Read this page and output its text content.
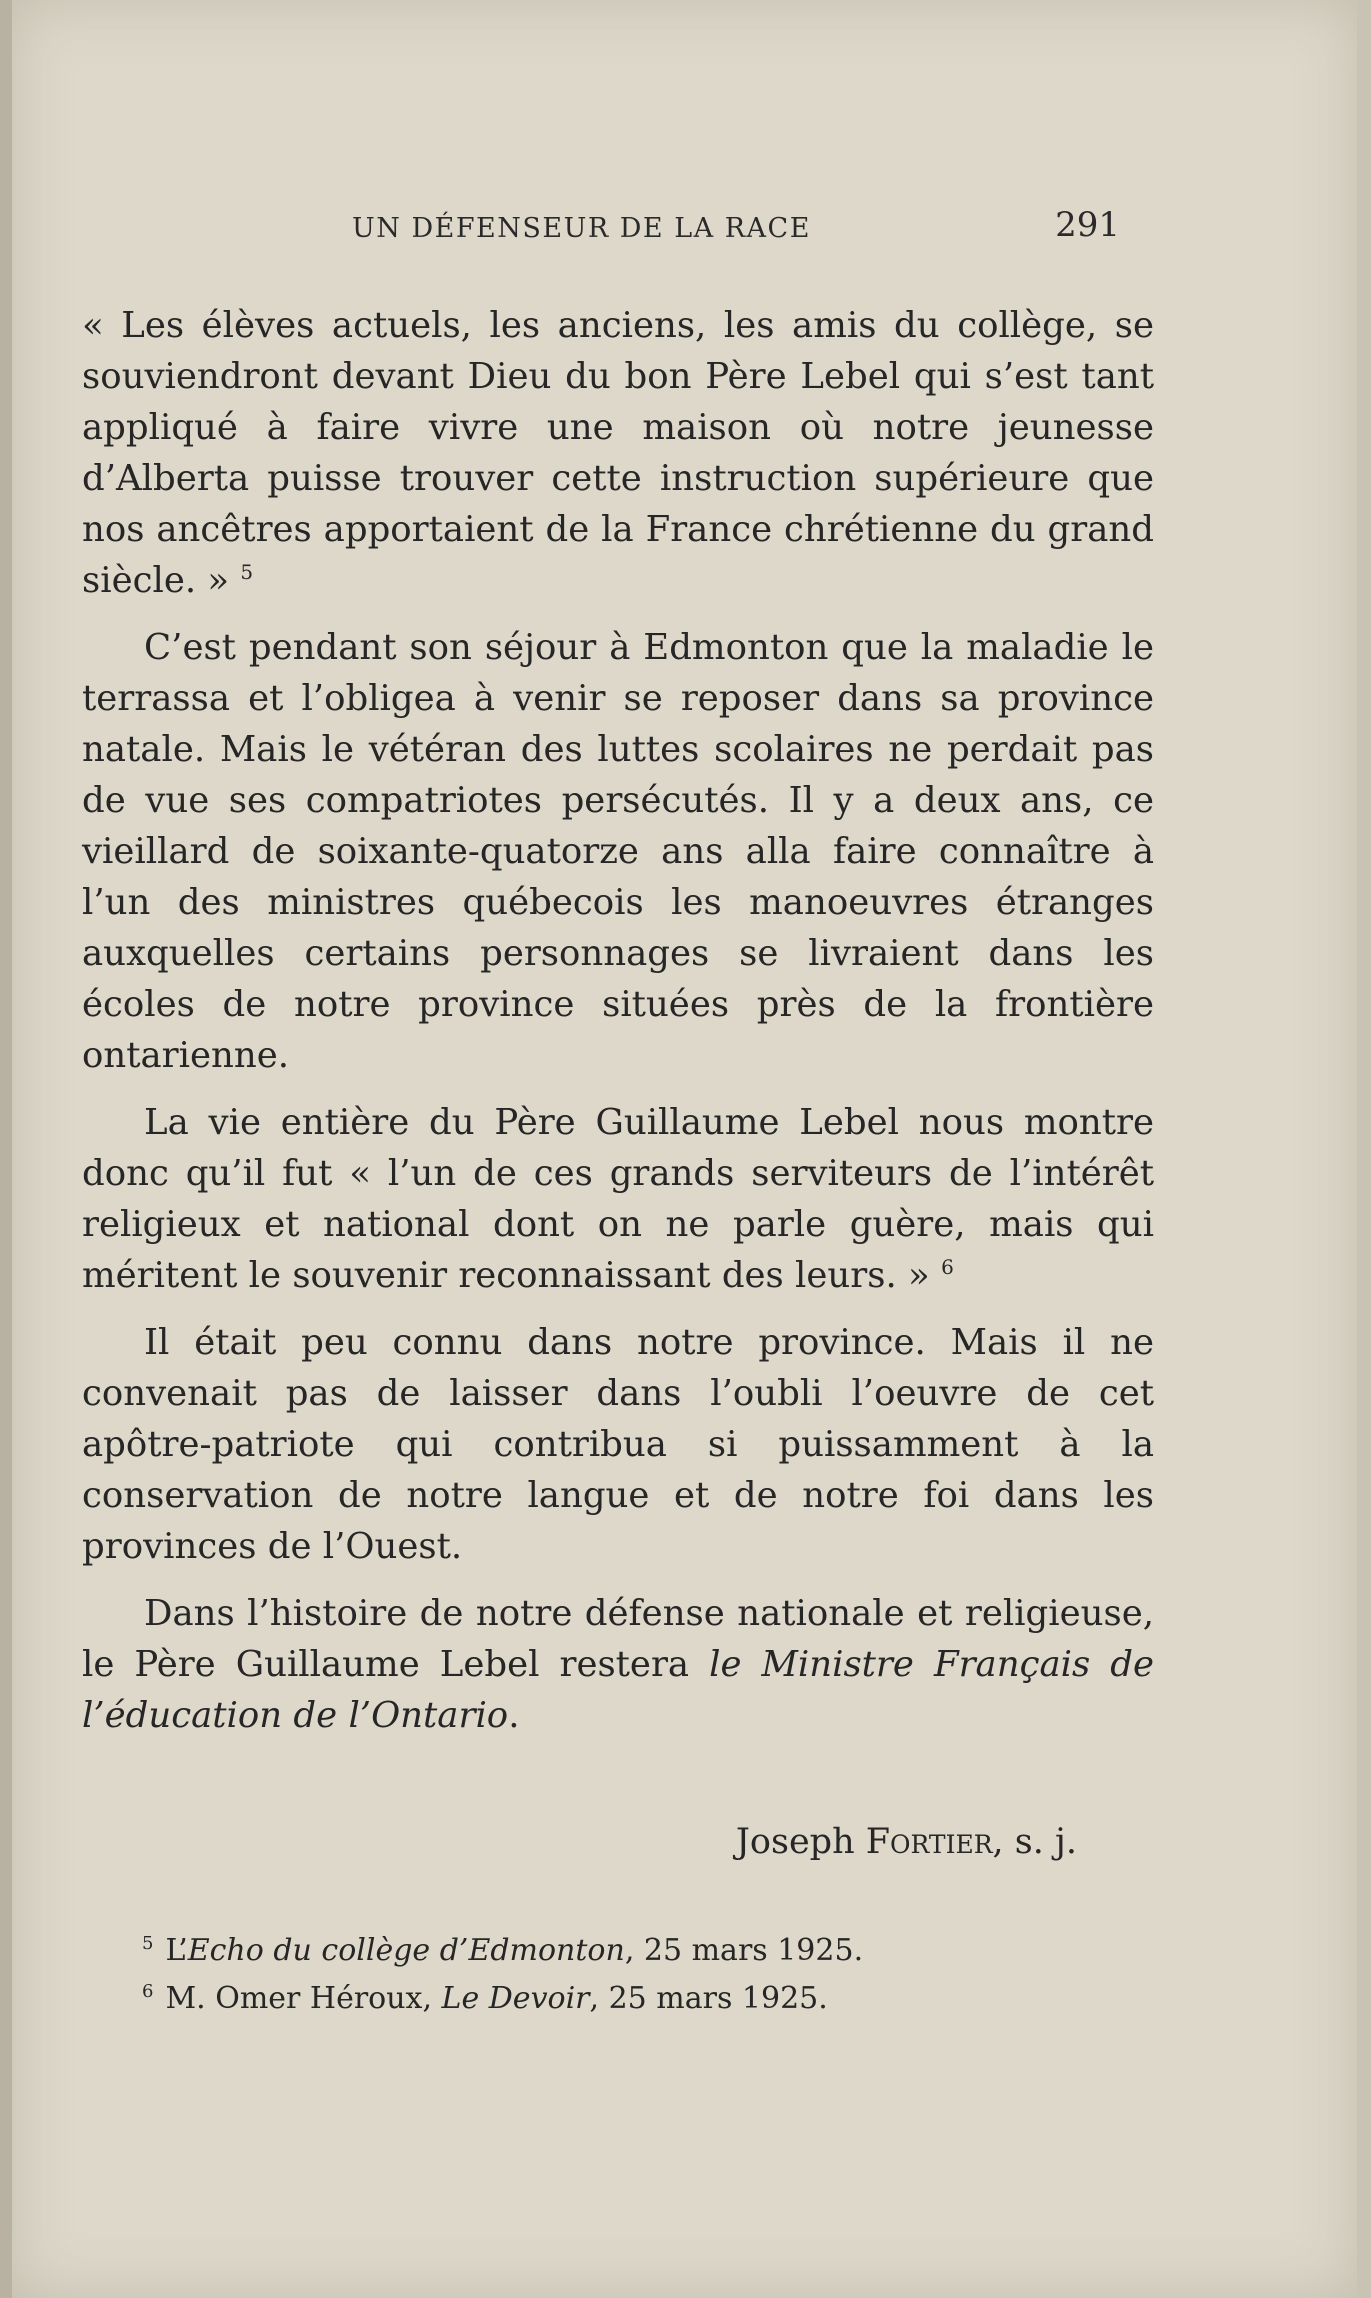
UN DÉFENSEUR DE LA RACE	291

« Les élèves actuels, les anciens, les amis du collège, se souviendront devant Dieu du bon Père Lebel qui s’est tant appliqué à faire vivre une maison où notre jeunesse d’Alberta puisse trouver cette instruction supérieure que nos ancêtres apportaient de la France chrétienne du grand siècle. » $^5$

C’est pendant son séjour à Edmonton que la maladie le terrassa et l’obligea à venir se reposer dans sa province natale. Mais le vétéran des luttes scolaires ne perdait pas de vue ses compatriotes persécutés. Il y a deux ans, ce vieillard de soixante-quatorze ans alla faire connaître à l’un des ministres québecois les manoeuvres étranges auxquelles certains personnages se livraient dans les écoles de notre province situées près de la frontière ontarienne.

La vie entière du Père Guillaume Lebel nous montre donc qu’il fut « l’un de ces grands serviteurs de l’intérêt religieux et national dont on ne parle guère, mais qui méritent le souvenir reconnaissant des leurs. » $^6$

Il était peu connu dans notre province. Mais il ne convenait pas de laisser dans l’oubli l’oeuvre de cet apôtre-patriote qui contribua si puissamment à la conservation de notre langue et de notre foi dans les provinces de l’Ouest.

Dans l’histoire de notre défense nationale et religieuse, le Père Guillaume Lebel restera le Ministre Français de l’éducation de l’Ontario.

Joseph Fortier, s. j.
$^5$ L’Echo du collège d’Edmonton, 25 mars 1925.
$^6$ M. Omer Héroux, Le Devoir, 25 mars 1925.
